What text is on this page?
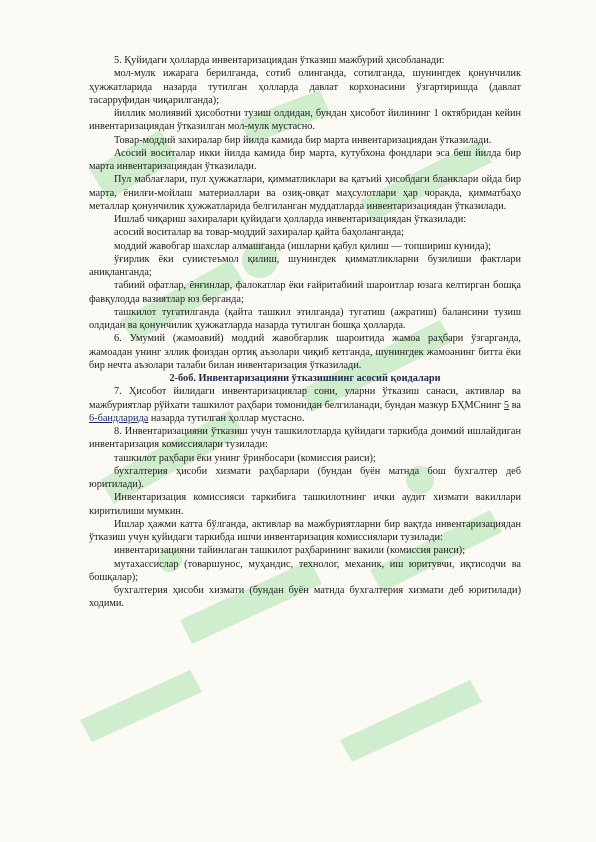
5. Қуйидаги ҳолларда инвентаризациядан ўтказиш мажбурий ҳисобланади:

мол-мулк ижарага берилганда, сотиб олинганда, сотилганда, шунингдек қонунчилик ҳужжатларида назарда тутилган ҳолларда давлат корхонасини ўзгартиришда (давлат тасарруфидан чиқарилганда);

йиллик молиявий ҳисоботни тузиш олдидан, бундан ҳисобот йилининг 1 октябридан кейин инвентаризациядан ўтказилган мол-мулк мустасно.

Товар-моддий захиралар бир йилда камида бир марта инвентаризациядан ўтказилади.

Асосий воситалар икки йилда камида бир марта, кутубхона фондлари эса беш йилда бир марта инвентаризациядан ўтказилади.

Пул маблағлари, пул ҳужжатлари, қимматликлари ва қатъий ҳисобдаги бланклари ойда бир марта, ёнилғи-мойлаш материаллари ва озиқ-овқат маҳсулотлари ҳар чоракда, қимматбаҳо металлар қонунчилик ҳужжатларида белгиланган муддатларда инвентаризациядан ўтказилади.

Ишлаб чиқариш захиралари қуйидаги ҳолларда инвентаризациядан ўтказилади:

асосий воситалар ва товар-моддий захиралар қайта баҳолангандa;

моддий жавобгар шахслар алмашганда (ишларни қабул қилиш — топшириш кунида);

ўғирлик ёки суиистеъмол қилиш, шунингдек қимматликларни бузилиши фактлари аниқланганда;

табиий офатлар, ёнғинлар, фалокатлар ёки ғайритабиий шароитлар юзага келтирган бошқа фавқулодда вазиятлар юз берганда;

ташкилот тугатилганда (қайта ташкил этилганда) тугатиш (ажратиш) балансини тузиш олдидан ва қонунчилик ҳужжатларда назарда тутилган бошқа ҳолларда.

6. Умумий (жамоавий) моддий жавобгарлик шароитида жамоа раҳбари ўзгарганда, жамоадан унинг эллик фоиздан ортиқ аъзолари чиқиб кетганда, шунингдек жамоанинг битта ёки бир нечта аъзолари талаби билан инвентаризация ўтказилади.

2-боб. Инвентаризацияни ўтказишнинг асосий қоидалари

7. Ҳисобот йилидаги инвентаризациялар сони, уларни ўтказиш санаси, активлар ва мажбуриятлар рўйхати ташкилот раҳбари томонидан белгиланади, бундан мазкур БҲМСнинг 5 ва 6-бандларида назарда тутилган ҳоллар мустасно.

8. Инвентаризацияни ўтказиш учун ташкилотларда қуйидаги таркибда доимий ишлайдиган инвентаризация комиссиялари тузилади:

ташкилот раҳбари ёки унинг ўринбосари (комиссия раиси);

бухгалтерия ҳисоби хизмати раҳбарлари (бундан буён матнда бош бухгалтер деб юритилади).

Инвентаризация комиссияси таркибига ташкилотнинг ички аудит хизмати вакиллари киритилиши мумкин.

Ишлар ҳажми катта бўлганда, активлар ва мажбуриятларни бир вақтда инвентаризациядан ўтказиш учун қуйидаги таркибда ишчи инвентаризация комиссиялари тузилади:

инвентаризацияни тайинлаган ташкилот раҳбарининг вакили (комиссия раиси);

мутахассислар (товаршунос, муҳандис, технолог, механик, иш юритувчи, иқтисодчи ва бошқалар);

бухгалтерия ҳисоби хизмати (бундан буён матнда бухгалтерия хизмати деб юритилади) ходими.
